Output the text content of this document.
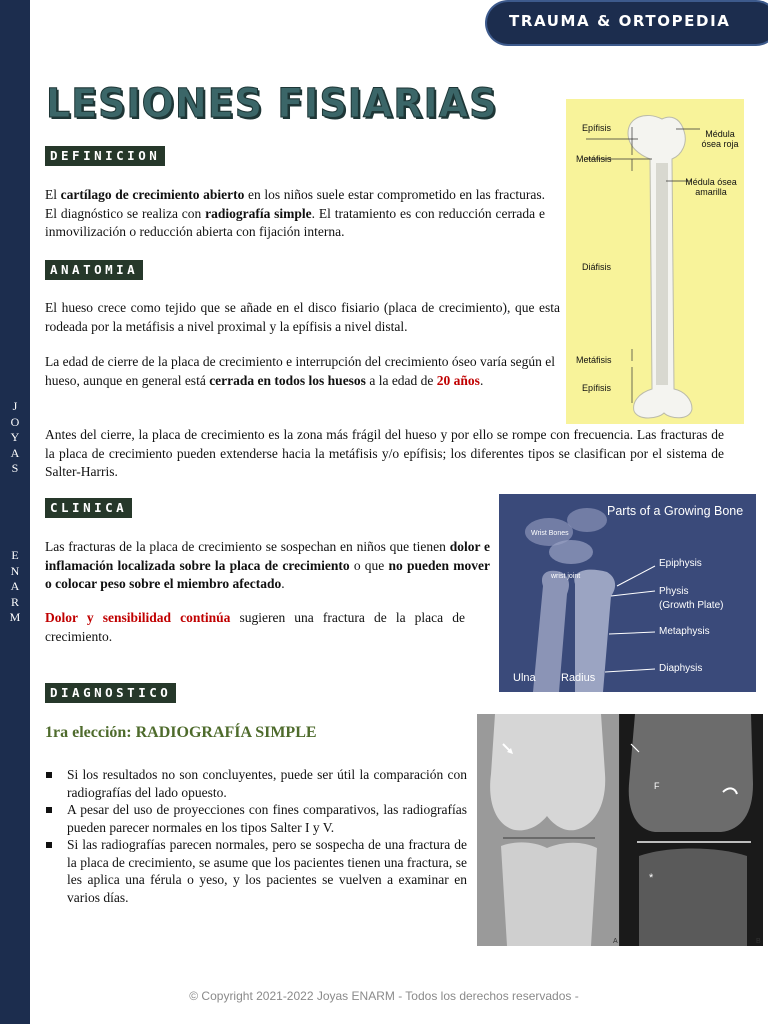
J
O
Y
A
S
E
N
A
R
M
TRAUMA & ORTOPEDIA
LESIONES FISIARIAS
DEFINICION
El cartílago de crecimiento abierto en los niños suele estar comprometido en las fracturas. El diagnóstico se realiza con radiografía simple. El tratamiento es con reducción cerrada e inmovilización o reducción abierta con fijación interna.
ANATOMIA
El hueso crece como tejido que se añade en el disco fisiario (placa de crecimiento), que esta rodeada por la metáfisis a nivel proximal y la epífisis a nivel distal.
La edad de cierre de la placa de crecimiento e interrupción del crecimiento óseo varía según el hueso, aunque en general está cerrada en todos los huesos a la edad de 20 años.
Antes del cierre, la placa de crecimiento es la zona más frágil del hueso y por ello se rompe con frecuencia. Las fracturas de la placa de crecimiento pueden extenderse hacia la metáfisis y/o epífisis; los diferentes tipos se clasifican por el sistema de Salter-Harris.
CLINICA
Las fracturas de la placa de crecimiento se sospechan en niños que tienen dolor e inflamación localizada sobre la placa de crecimiento o que no pueden mover o colocar peso sobre el miembro afectado.
Dolor y sensibilidad continúa sugieren una fractura de la placa de crecimiento.
DIAGNOSTICO
1ra elección: RADIOGRAFÍA SIMPLE
Si los resultados no son concluyentes, puede ser útil la comparación con radiografías del lado opuesto.
A pesar del uso de proyecciones con fines comparativos, las radiografías pueden parecer normales en los tipos Salter I y V.
Si las radiografías parecen normales, pero se sospecha de una fractura de la placa de crecimiento, se asume que los pacientes tienen una fractura, se les aplica una férula o yeso, y los pacientes se vuelven a examinar en varios días.
Epífisis
Metáfisis
Diáfisis
Metáfisis
Epífisis
Médula ósea roja
Médula ósea amarilla
Parts of a Growing Bone
Wrist Bones
wrist joint
Epiphysis
Physis
(Growth Plate)
Metaphysis
Diaphysis
Ulna Radius
F
*
A	B
© Copyright 2021-2022 Joyas ENARM - Todos los derechos reservados -
